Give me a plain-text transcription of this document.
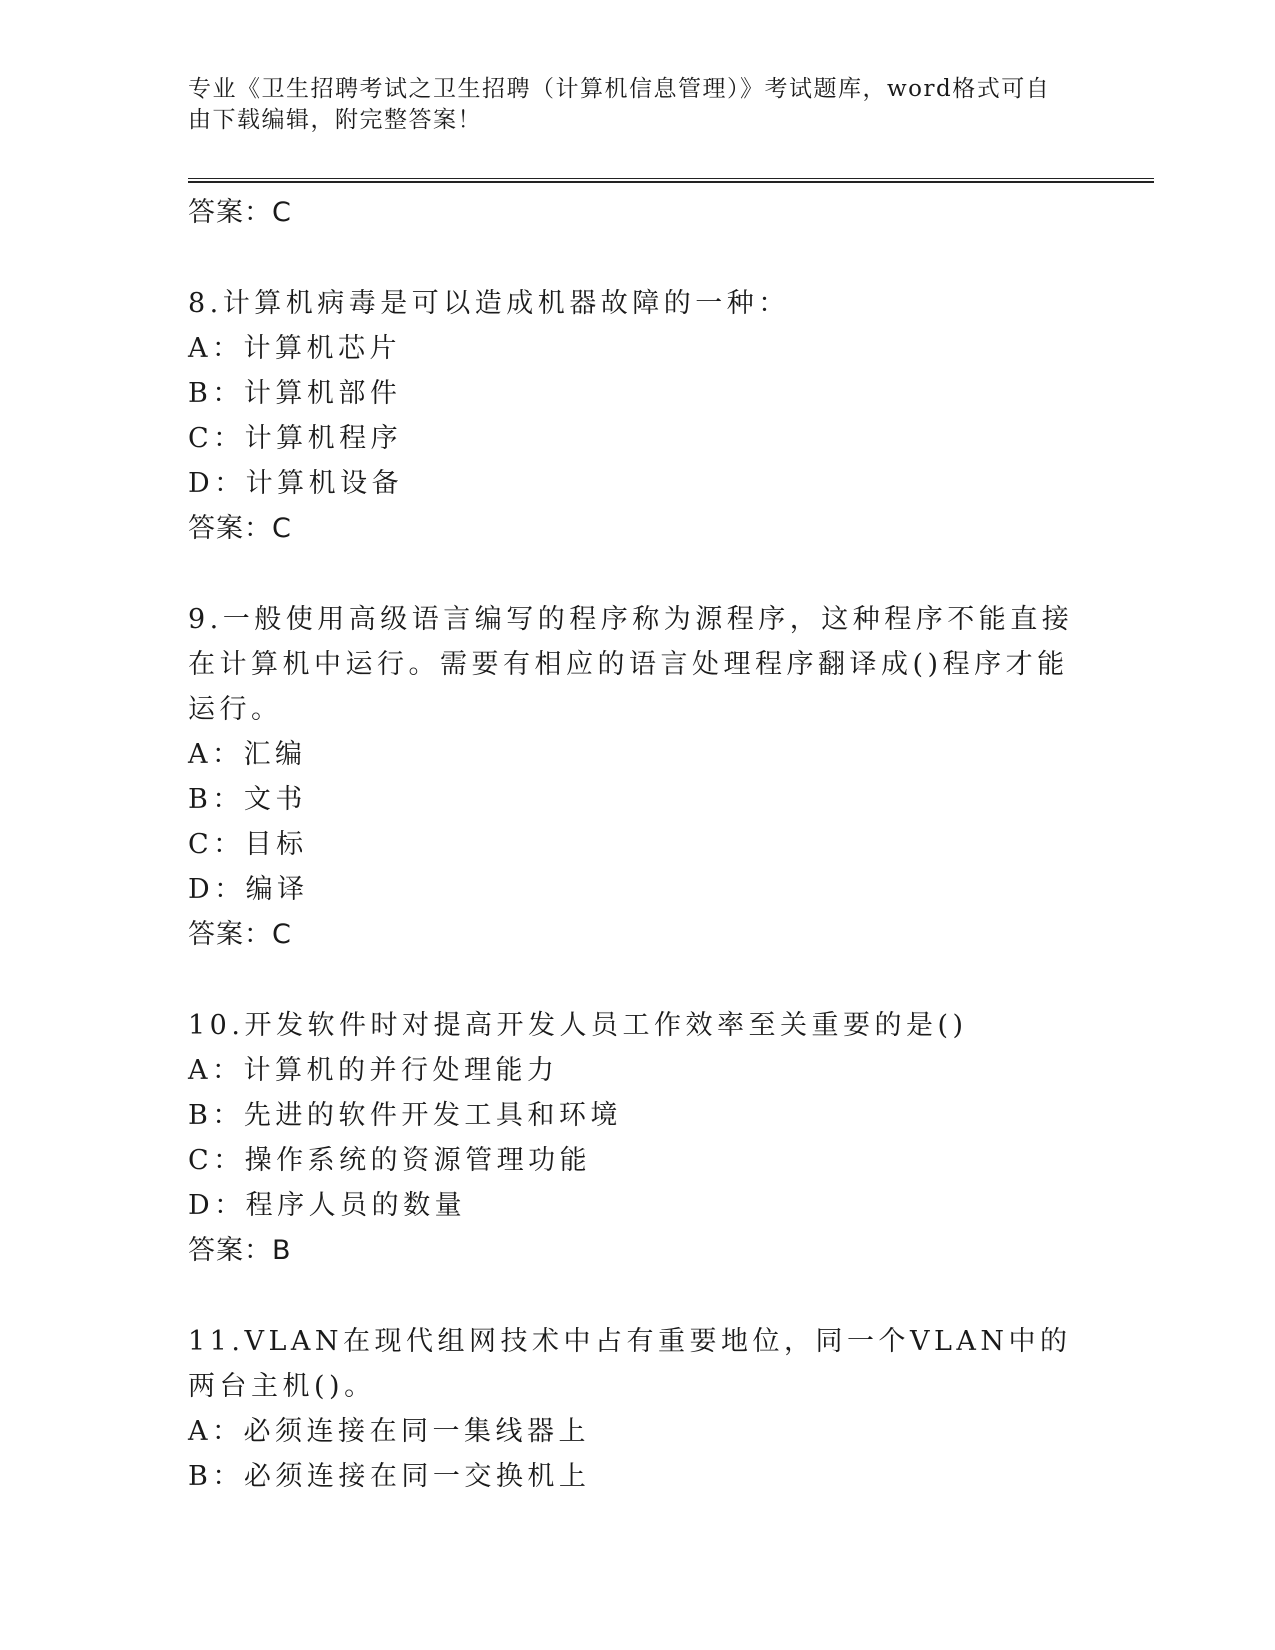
专业《卫生招聘考试之卫生招聘（计算机信息管理）》考试题库，word格式可自由下载编辑，附完整答案！
答案：C
8.计算机病毒是可以造成机器故障的一种：
A：计算机芯片
B：计算机部件
C：计算机程序
D：计算机设备
答案：C
9.一般使用高级语言编写的程序称为源程序，这种程序不能直接在计算机中运行。需要有相应的语言处理程序翻译成()程序才能运行。
A：汇编
B：文书
C：目标
D：编译
答案：C
10.开发软件时对提高开发人员工作效率至关重要的是()
A：计算机的并行处理能力
B：先进的软件开发工具和环境
C：操作系统的资源管理功能
D：程序人员的数量
答案：B
11.VLAN在现代组网技术中占有重要地位，同一个VLAN中的两台主机()。
A：必须连接在同一集线器上
B：必须连接在同一交换机上
